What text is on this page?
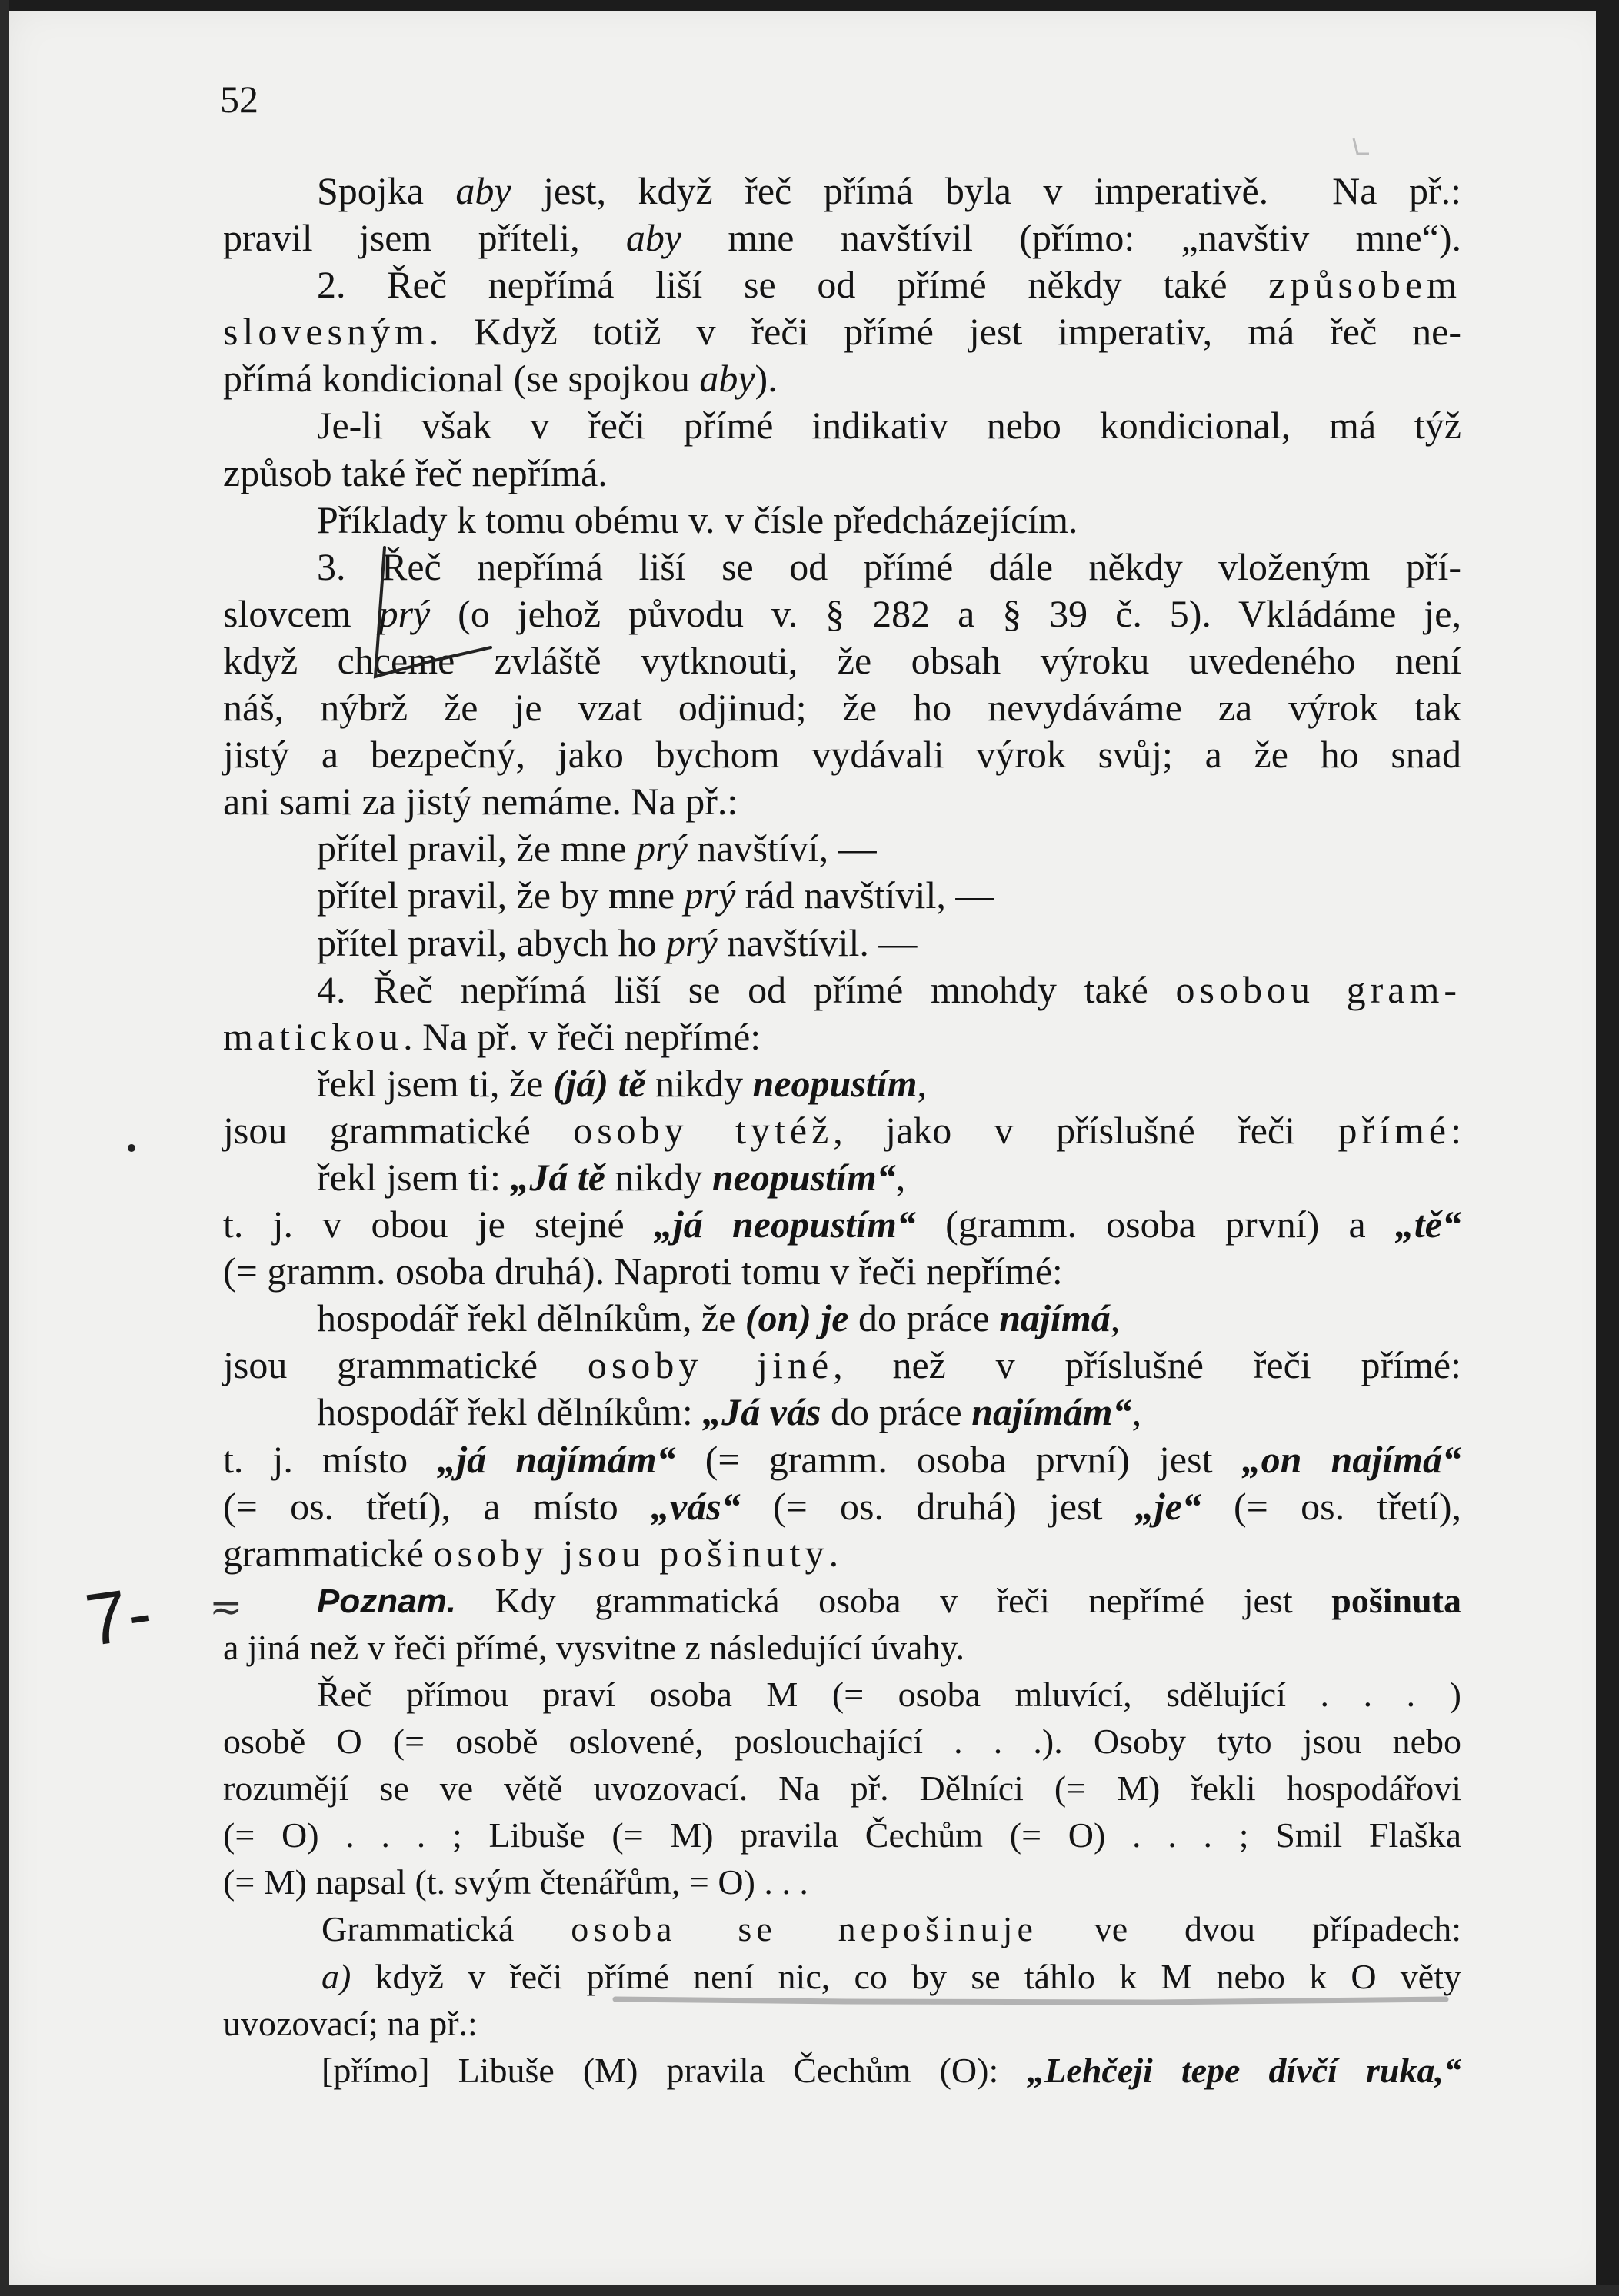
52
Spojka aby jest, když řeč přímá byla v imperativě.  Na př.:
pravil jsem příteli, aby mne navštívil (přímo: „navštiv mne“).
2. Řeč nepřímá liší se od přímé někdy také způsobem
slovesným. Když totiž v řeči přímé jest imperativ, má řeč ne-
přímá kondicional (se spojkou aby).
Je-li však v řeči přímé indikativ nebo kondicional, má týž
způsob také řeč nepřímá.
Příklady k tomu obému v. v čísle předcházejícím.
3. Řeč nepřímá liší se od přímé dále někdy vloženým pří-
slovcem prý (o jehož původu v. § 282 a § 39 č. 5). Vkládáme je,
když chceme zvláště vytknouti, že obsah výroku uvedeného není
náš, nýbrž že je vzat odjinud; že ho nevydáváme za výrok tak
jistý a bezpečný, jako bychom vydávali výrok svůj; a že ho snad
ani sami za jistý nemáme. Na př.:
přítel pravil, že mne prý navštíví, —
přítel pravil, že by mne prý rád navštívil, —
přítel pravil, abych ho prý navštívil. —
4. Řeč nepřímá liší se od přímé mnohdy také osobou gram-
matickou. Na př. v řeči nepřímé:
řekl jsem ti, že (já) tě nikdy neopustím,
jsou grammatické osoby tytéž, jako v příslušné řeči přímé:
řekl jsem ti: „Já tě nikdy neopustím“,
t. j. v obou je stejné „já neopustím“ (gramm. osoba první) a „tě“
(= gramm. osoba druhá). Naproti tomu v řeči nepřímé:
hospodář řekl dělníkům, že (on) je do práce najímá,
jsou grammatické osoby jiné, než v příslušné řeči přímé:
hospodář řekl dělníkům: „Já vás do práce najímám“,
t. j. místo „já najímám“ (= gramm. osoba první) jest „on najímá“
(= os. třetí), a místo „vás“ (= os. druhá) jest „je“ (= os. třetí),
grammatické osoby jsou pošinuty.
Poznam. Kdy grammatická osoba v řeči nepřímé jest pošinuta
a jiná než v řeči přímé, vysvitne z následující úvahy.
Řeč přímou praví osoba M (= osoba mluvící, sdělující . . . )
osobě O (= osobě oslovené, poslouchající . . .). Osoby tyto jsou nebo
rozumějí se ve větě uvozovací. Na př. Dělníci (= M) řekli hospodářovi
(= O) . . . ; Libuše (= M) pravila Čechům (= O) . . . ; Smil Flaška
(= M) napsal (t. svým čtenářům, = O) . . .
Grammatická osoba se nepošinuje ve dvou případech:
a) když v řeči přímé není nic, co by se táhlo k M nebo k O věty
uvozovací; na př.:
[přímo] Libuše (M) pravila Čechům (O): „Lehčeji tepe dívčí ruka,“
7- ≂
